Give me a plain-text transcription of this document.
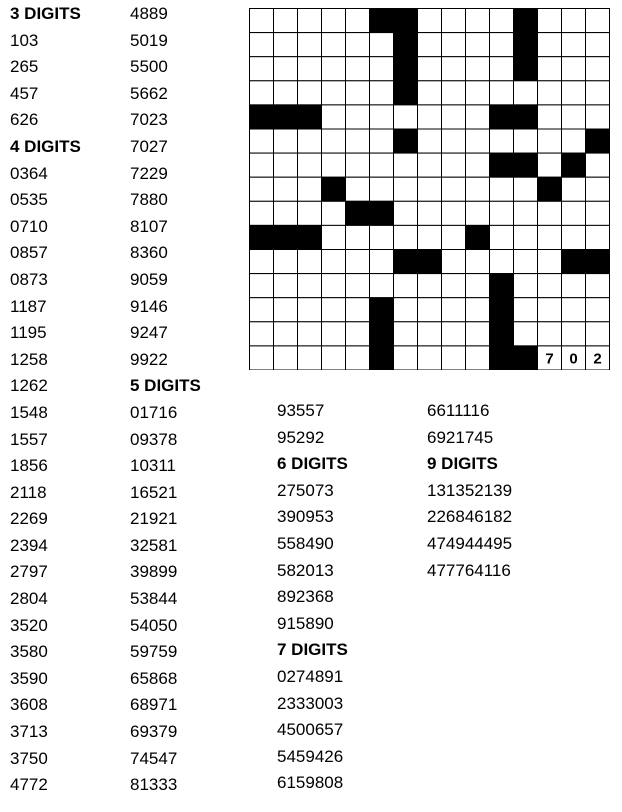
3 DIGITS
103
265
457
626
4 DIGITS
0364
0535
0710
0857
0873
1187
1195
1258
1262
1548
1557
1856
2118
2269
2394
2797
2804
3520
3580
3590
3608
3713
3750
4772
4889
5019
5500
5662
7023
7027
7229
7880
8107
8360
9059
9146
9247
9922
5 DIGITS
01716
09378
10311
16521
21921
32581
39899
53844
54050
59759
65868
68971
69379
74547
81333
93557
95292
6 DIGITS
275073
390953
558490
582013
892368
915890
7 DIGITS
0274891
2333003
4500657
5459426
6159808
6611116
6921745
9 DIGITS
131352139
226846182
474944495
477764116
7 0 2
